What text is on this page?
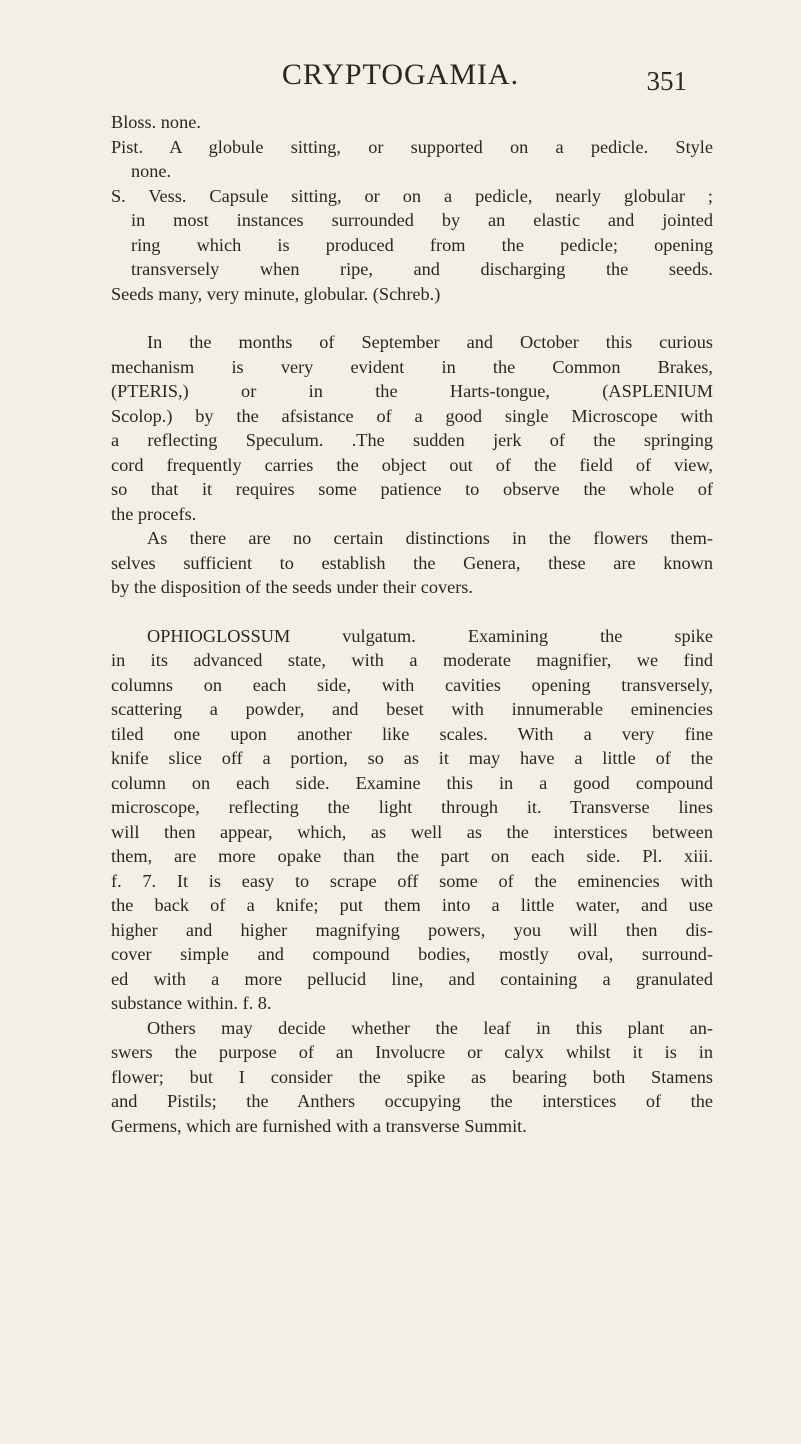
CRYPTOGAMIA.	351
Bloss. none.
Pist. A globule sitting, or supported on a pedicle. Style
none.
S. Vess. Capsule sitting, or on a pedicle, nearly globular ;
in most instances surrounded by an elastic and jointed
ring which is produced from the pedicle; opening
transversely when ripe, and discharging the seeds.
Seeds many, very minute, globular. (Schreb.)
In the months of September and October this curious
mechanism is very evident in the Common Brakes,
(PTERIS,) or in the Harts-tongue, (ASPLENIUM
Scolop.) by the afsistance of a good single Microscope with
a reflecting Speculum. .The sudden jerk of the springing
cord frequently carries the object out of the field of view,
so that it requires some patience to observe the whole of
the procefs.
As there are no certain distinctions in the flowers them-
selves sufficient to establish the Genera, these are known
by the disposition of the seeds under their covers.
OPHIOGLOSSUM vulgatum. Examining the spike
in its advanced state, with a moderate magnifier, we find
columns on each side, with cavities opening transversely,
scattering a powder, and beset with innumerable eminencies
tiled one upon another like scales. With a very fine
knife slice off a portion, so as it may have a little of the
column on each side. Examine this in a good compound
microscope, reflecting the light through it. Transverse lines
will then appear, which, as well as the interstices between
them, are more opake than the part on each side. Pl. xiii.
f. 7. It is easy to scrape off some of the eminencies with
the back of a knife; put them into a little water, and use
higher and higher magnifying powers, you will then dis-
cover simple and compound bodies, mostly oval, surround-
ed with a more pellucid line, and containing a granulated
substance within. f. 8.
Others may decide whether the leaf in this plant an-
swers the purpose of an Involucre or calyx whilst it is in
flower; but I consider the spike as bearing both Stamens
and Pistils; the Anthers occupying the interstices of the
Germens, which are furnished with a transverse Summit.
